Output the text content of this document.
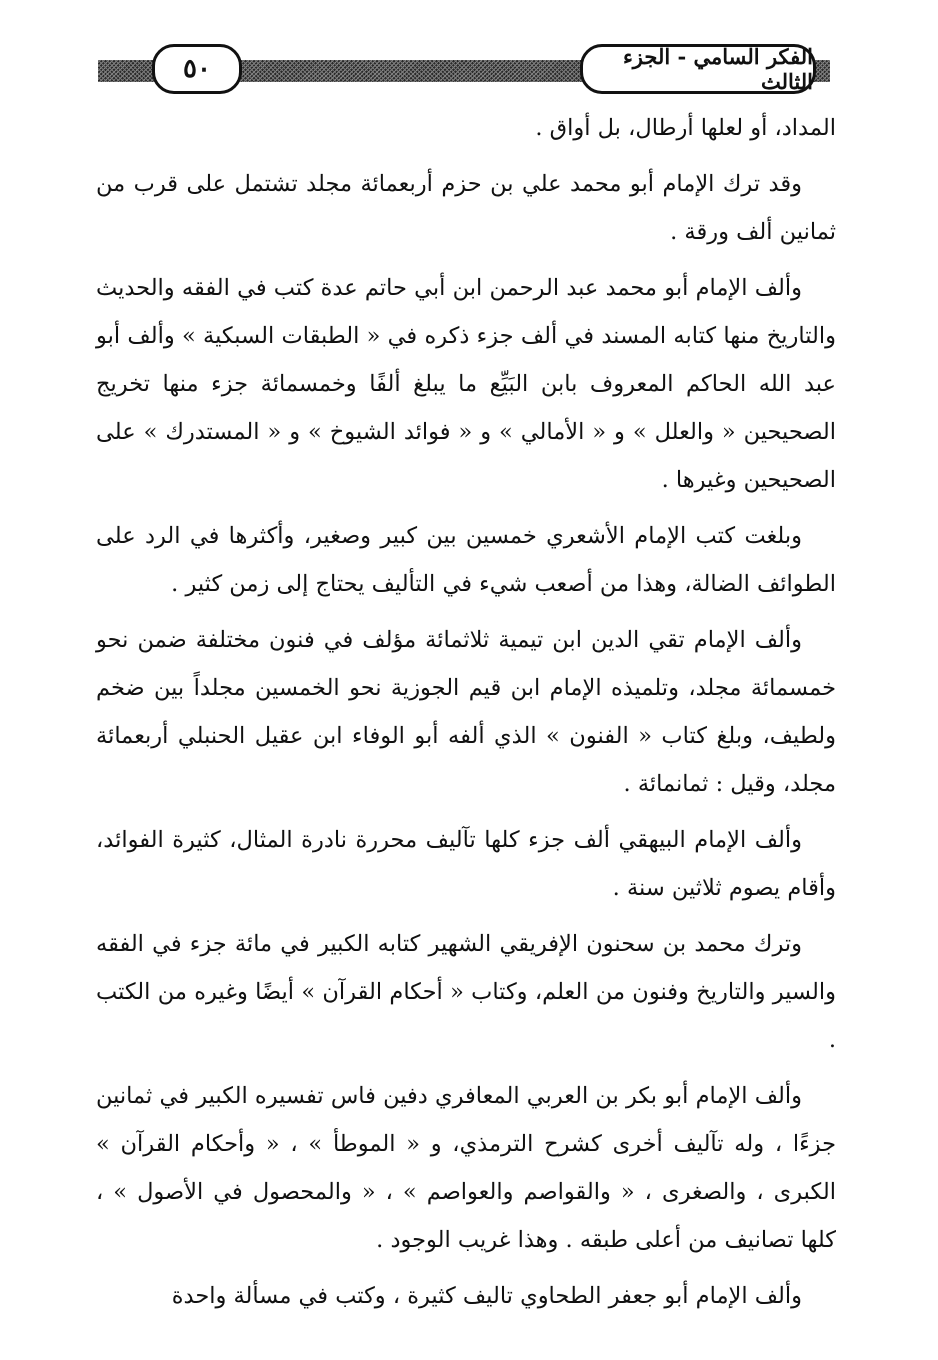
٥٠	الفكر السامي - الجزء الثالث

المداد، أو لعلها أرطال، بل أواق .

وقد ترك الإمام أبو محمد علي بن حزم أربعمائة مجلد تشتمل على قرب من ثمانين ألف ورقة .

وألف الإمام أبو محمد عبد الرحمن ابن أبي حاتم عدة كتب في الفقه والحديث والتاريخ منها كتابه المسند في ألف جزء ذكره في « الطبقات السبكية » وألف أبو عبد الله الحاكم المعروف بابن البَيِّع ما يبلغ ألفًا وخمسمائة جزء منها تخريج الصحيحين « والعلل » و « الأمالي » و « فوائد الشيوخ » و « المستدرك » على الصحيحين وغيرها .

وبلغت كتب الإمام الأشعري خمسين بين كبير وصغير، وأكثرها في الرد على الطوائف الضالة، وهذا من أصعب شيء في التأليف يحتاج إلى زمن كثير .

وألف الإمام تقي الدين ابن تيمية ثلاثمائة مؤلف في فنون مختلفة ضمن نحو خمسمائة مجلد، وتلميذه الإمام ابن قيم الجوزية نحو الخمسين مجلداً بين ضخم ولطيف، وبلغ كتاب « الفنون » الذي ألفه أبو الوفاء ابن عقيل الحنبلي أربعمائة مجلد، وقيل : ثمانمائة .

وألف الإمام البيهقي ألف جزء كلها تآليف محررة نادرة المثال، كثيرة الفوائد، وأقام يصوم ثلاثين سنة .

وترك محمد بن سحنون الإفريقي الشهير كتابه الكبير في مائة جزء في الفقه والسير والتاريخ وفنون من العلم، وكتاب « أحكام القرآن » أيضًا وغيره من الكتب .

وألف الإمام أبو بكر بن العربي المعافري دفين فاس تفسيره الكبير في ثمانين جزءًا ، وله تآليف أخرى كشرح الترمذي، و « الموطأ » ، « وأحكام القرآن » الكبرى ، والصغرى ، « والقواصم والعواصم » ، « والمحصول في الأصول » ، كلها تصانيف من أعلى طبقه . وهذا غريب الوجود .

وألف الإمام أبو جعفر الطحاوي تاليف كثيرة ، وكتب في مسألة واحدة
